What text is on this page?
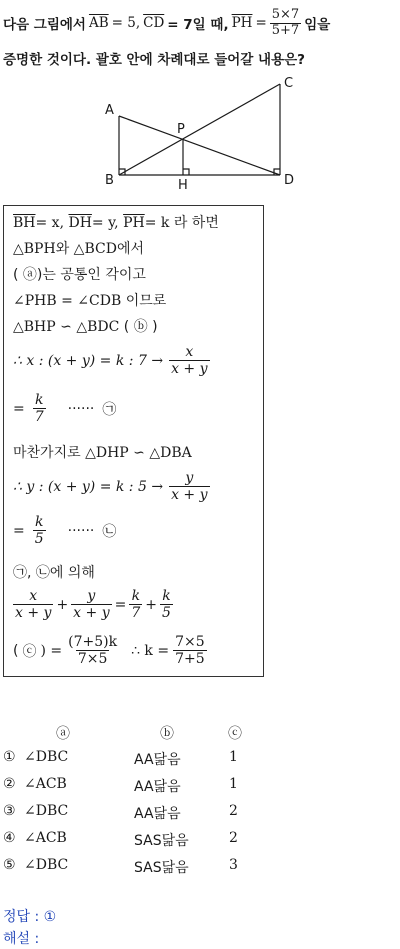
다음 그림에서 $\overline{AB} = 5$, $\overline{CD} = 7$일 때, $\overline{PH} = \frac{5\times 7}{5+7}$ 임을
증명한 것이다. 괄호 안에 차례대로 들어갈 내용은?
A
B
C
H	D
P
$\overline{BH}= x$, $\overline{DH}= y$, $\overline{PH}= k$ 라 하면
△BPH와 △BCD에서
( ⓐ)는 공통인 각이고
∠PHB = ∠CDB 이므로
△BHP ∽ △BDC ( ⓑ )
∴ x : (x + y) = k : $7 \to \frac{x}{x + y}$
= $\frac{k}{7}$ ······ ㉠
마찬가지로 △DHP ∽ △DBA
∴ y : (x + y) = k : $5 \to \frac{y}{x + y}$
= $\frac{k}{5}$ ······ ㉡
㉠, ㉡에 의해
$\frac{x}{x + y} + \frac{y}{x + y} = \frac{k}{7} + \frac{k}{5}$
( ⓒ ) = $\frac{(7+5)k}{7\times 5}$ ∴ $k = \frac{7\times 5}{7+5}$
ⓐ	ⓑ	ⓒ
① ∠DBC	AA닮음	1
② ∠ACB	AA닮음	1
③ ∠DBC	AA닮음	2
④ ∠ACB	SAS닮음	2
⑤ ∠DBC	SAS닮음	3
정답 : ①
해설 :
